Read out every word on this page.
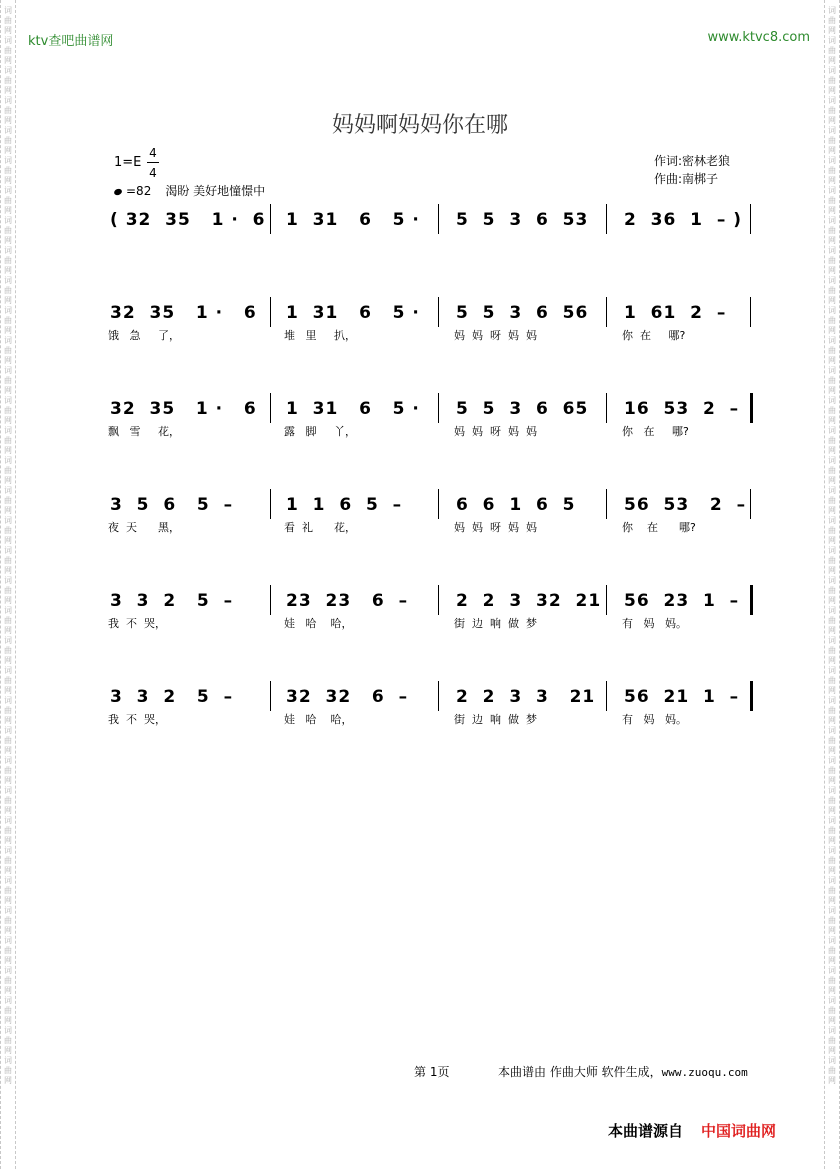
词曲网词曲网词曲网词曲网词曲网词曲网词曲网词曲网词曲网词曲网词曲网词曲网词曲网词曲网词曲网词曲网词曲网词曲网词曲网词曲网词曲网词曲网词曲网词曲网词曲网词曲网词曲网词曲网词曲网词曲网词曲网词曲网词曲网词曲网词曲网词曲网
词曲网词曲网词曲网词曲网词曲网词曲网词曲网词曲网词曲网词曲网词曲网词曲网词曲网词曲网词曲网词曲网词曲网词曲网词曲网词曲网词曲网词曲网词曲网词曲网词曲网词曲网词曲网词曲网词曲网词曲网词曲网词曲网词曲网词曲网词曲网词曲网
ktv查吧曲谱网	www.ktvc8.com
妈妈啊妈妈你在哪
1=E
4
4
=82 渴盼 美好地憧憬中
作词:密林老狼
作曲:南梆子
( 32  35   1 ·  6 1  31   6   5 · 5  5  3  6  53 2  36  1  – )
32  35   1 ·   6 1  31   6   5 · 5  5  3  6  56 1  61  2  –
饿   急     了，	堆   里     扒，	妈  妈  呀  妈  妈	你  在     哪?
32  35   1 ·   6 1  31   6   5 · 5  5  3  6  65 16  53  2  –
飘   雪     花，	露   脚     丫，	妈  妈  呀  妈  妈	你   在     哪?
3  5  6   5  –	1  1  6  5  –	6  6  1  6  5	56  53   2  –
夜  天      黑，	看  礼      花，	妈  妈  呀  妈  妈	你    在      哪?
3  3  2   5  –	23  23   6  –	2  2  3  32  21 56  23  1  –
我  不  哭，	娃   哈    哈，	街  边  响  做  梦	有   妈   妈。
3  3  2   5  –	32  32   6  –	2  2  3  3   21 56  21  1  –
我  不  哭，	娃   哈    哈，	街  边  响  做  梦	有   妈   妈。
第 1页	本曲谱由 作曲大师 软件生成，www.zuoqu.com
本曲谱源自 中国词曲网
